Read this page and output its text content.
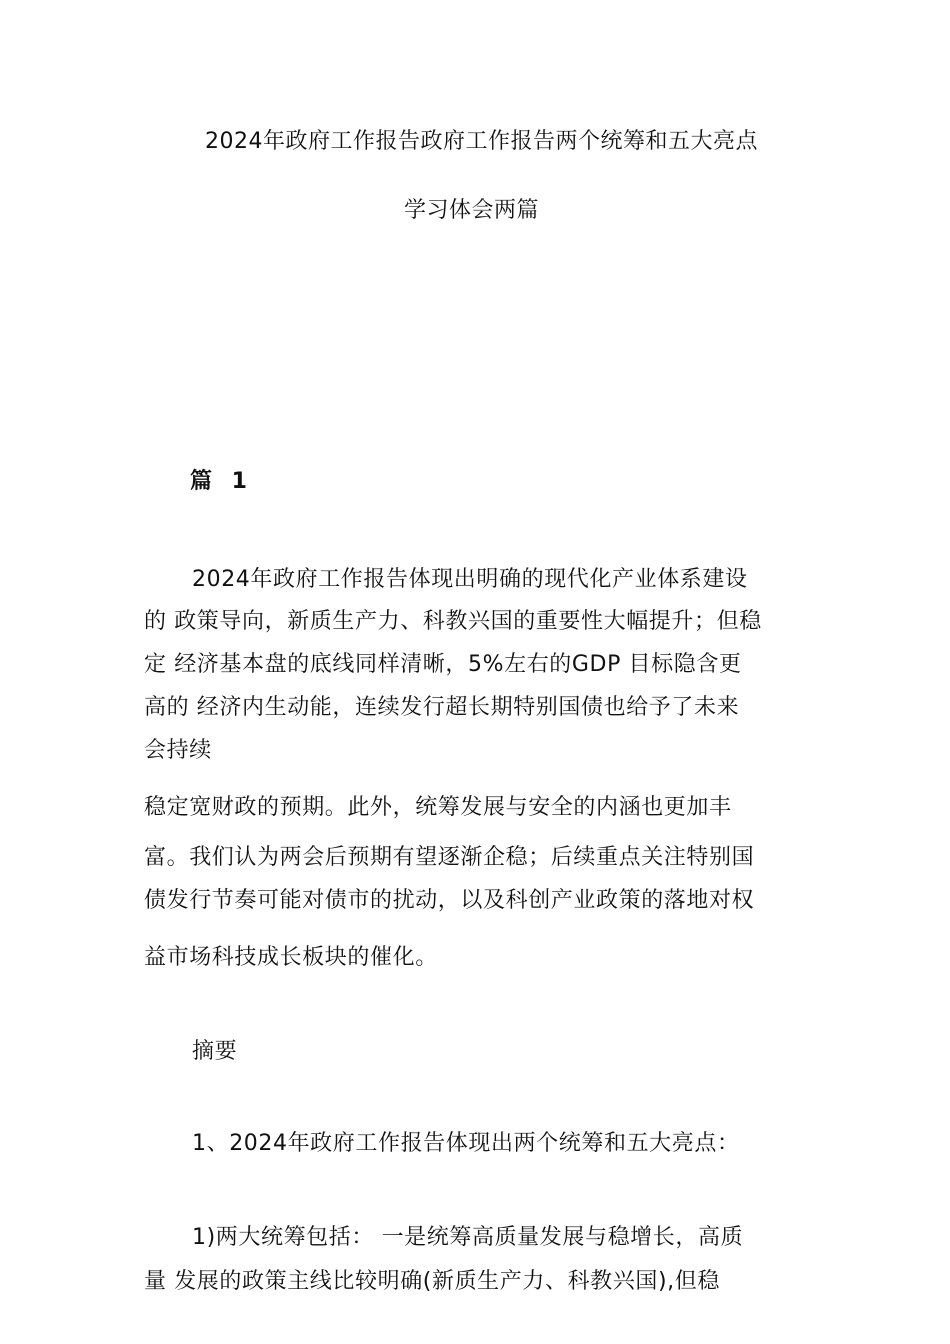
2024年政府工作报告政府工作报告两个统筹和五大亮点
学习体会两篇
篇 1
2024年政府工作报告体现出明确的现代化产业体系建设
的 政策导向，新质生产力、科教兴国的重要性大幅提升；但稳
定 经济基本盘的底线同样清晰，5%左右的GDP 目标隐含更
高的 经济内生动能，连续发行超长期特别国债也给予了未来
会持续
稳定宽财政的预期。此外，统筹发展与安全的内涵也更加丰
富。我们认为两会后预期有望逐渐企稳；后续重点关注特别国
债发行节奏可能对债市的扰动，以及科创产业政策的落地对权
益市场科技成长板块的催化。
摘要
1、2024年政府工作报告体现出两个统筹和五大亮点：
1)两大统筹包括： 一是统筹高质量发展与稳增长，高质
量 发展的政策主线比较明确(新质生产力、科教兴国),但稳
